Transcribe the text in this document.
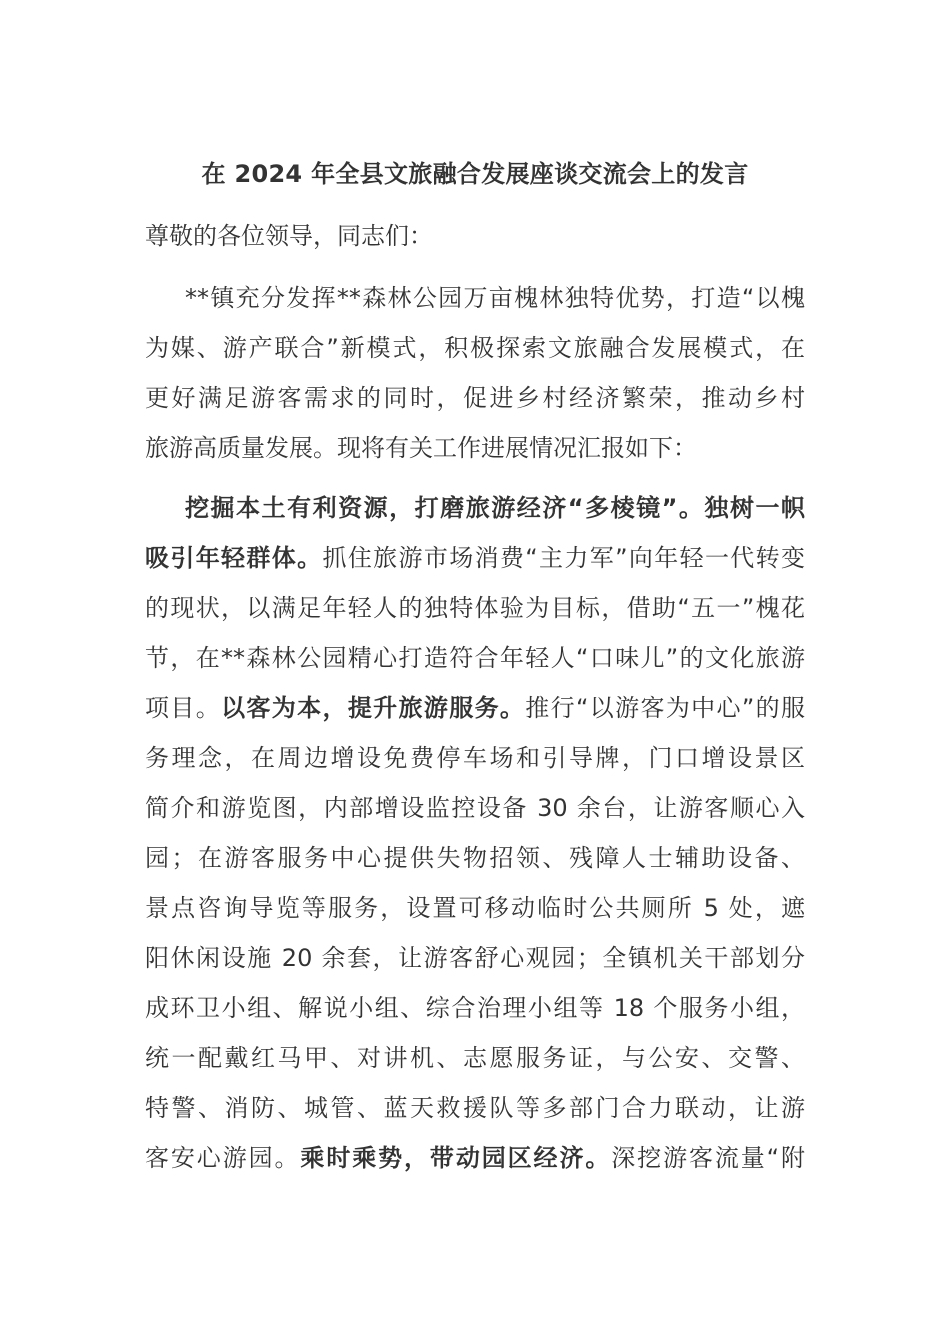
在 2024 年全县文旅融合发展座谈交流会上的发言

尊敬的各位领导，同志们：

**镇充分发挥**森林公园万亩槐林独特优势，打造“以槐

为媒、游产联合”新模式，积极探索文旅融合发展模式，在

更好满足游客需求的同时，促进乡村经济繁荣，推动乡村

旅游高质量发展。现将有关工作进展情况汇报如下：

挖掘本土有利资源，打磨旅游经济“多棱镜”。独树一帜

吸引年轻群体。抓住旅游市场消费“主力军”向年轻一代转变

的现状，以满足年轻人的独特体验为目标，借助“五一”槐花

节，在**森林公园精心打造符合年轻人“口味儿”的文化旅游

项目。以客为本，提升旅游服务。推行“以游客为中心”的服

务理念，在周边增设免费停车场和引导牌，门口增设景区

简介和游览图，内部增设监控设备 30 余台，让游客顺心入

园；在游客服务中心提供失物招领、残障人士辅助设备、

景点咨询导览等服务，设置可移动临时公共厕所 5 处，遮

阳休闲设施 20 余套，让游客舒心观园；全镇机关干部划分

成环卫小组、解说小组、综合治理小组等 18 个服务小组，

统一配戴红马甲、对讲机、志愿服务证，与公安、交警、

特警、消防、城管、蓝天救援队等多部门合力联动，让游

客安心游园。乘时乘势，带动园区经济。深挖游客流量“附
